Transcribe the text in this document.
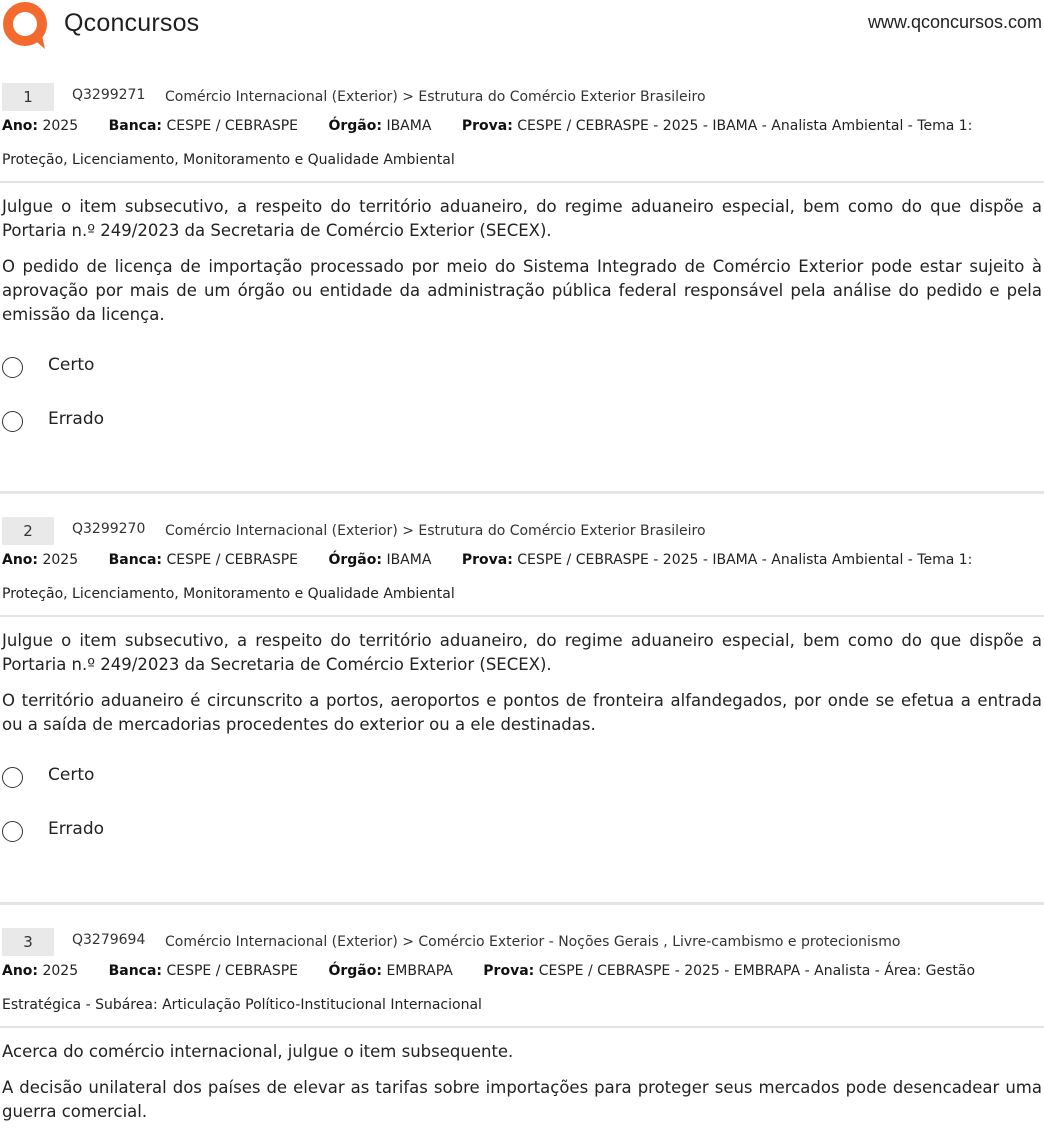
Qconcursos	www.qconcursos.com
1	Q3299271 Comércio Internacional (Exterior) > Estrutura do Comércio Exterior Brasileiro
Ano: 2025 Banca: CESPE / CEBRASPE Órgão: IBAMA Prova: CESPE / CEBRASPE - 2025 - IBAMA - Analista Ambiental - Tema 1:
Proteção, Licenciamento, Monitoramento e Qualidade Ambiental

Julgue o item subsecutivo, a respeito do território aduaneiro, do regime aduaneiro especial, bem como do que dispõe a Portaria n.º 249/2023 da Secretaria de Comércio Exterior (SECEX).

O pedido de licença de importação processado por meio do Sistema Integrado de Comércio Exterior pode estar sujeito à aprovação por mais de um órgão ou entidade da administração pública federal responsável pela análise do pedido e pela emissão da licença.

Certo
Errado
2	Q3299270 Comércio Internacional (Exterior) > Estrutura do Comércio Exterior Brasileiro
Ano: 2025 Banca: CESPE / CEBRASPE Órgão: IBAMA Prova: CESPE / CEBRASPE - 2025 - IBAMA - Analista Ambiental - Tema 1:
Proteção, Licenciamento, Monitoramento e Qualidade Ambiental

Julgue o item subsecutivo, a respeito do território aduaneiro, do regime aduaneiro especial, bem como do que dispõe a Portaria n.º 249/2023 da Secretaria de Comércio Exterior (SECEX).

O território aduaneiro é circunscrito a portos, aeroportos e pontos de fronteira alfandegados, por onde se efetua a entrada ou a saída de mercadorias procedentes do exterior ou a ele destinadas.

Certo
Errado
3	Q3279694 Comércio Internacional (Exterior) > Comércio Exterior - Noções Gerais , Livre-cambismo e protecionismo
Ano: 2025 Banca: CESPE / CEBRASPE Órgão: EMBRAPA Prova: CESPE / CEBRASPE - 2025 - EMBRAPA - Analista - Área: Gestão
Estratégica - Subárea: Articulação Político-Institucional Internacional

Acerca do comércio internacional, julgue o item subsequente.

A decisão unilateral dos países de elevar as tarifas sobre importações para proteger seus mercados pode desencadear uma guerra comercial.
